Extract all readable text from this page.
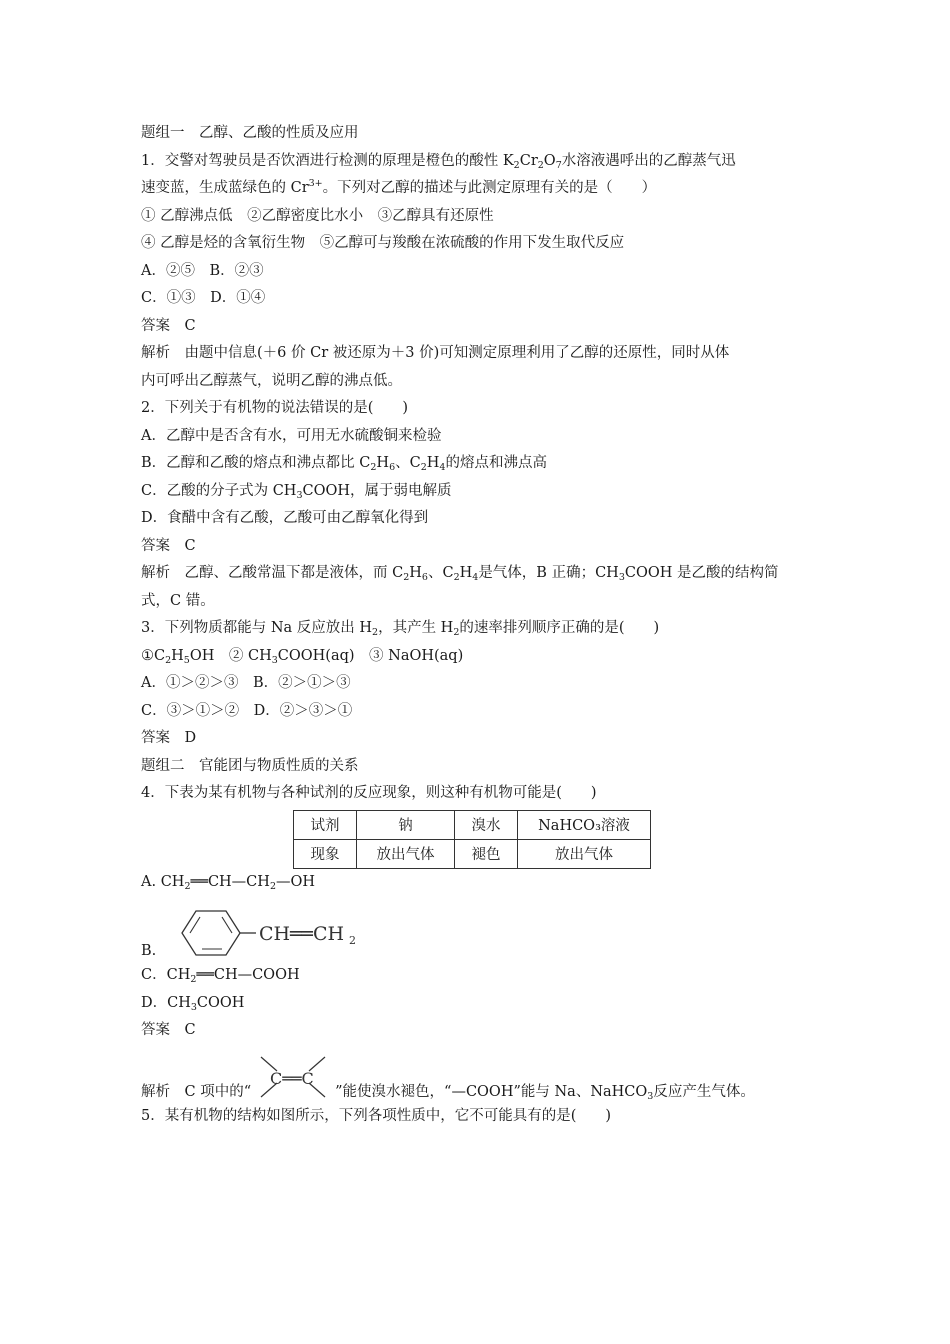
题组一　乙醇、乙酸的性质及应用
1．交警对驾驶员是否饮酒进行检测的原理是橙色的酸性 $K_2Cr_2O_7$水溶液遇呼出的乙醇蒸气迅
速变蓝，生成蓝绿色的 $Cr^{3+}$。下列对乙醇的描述与此测定原理有关的是（　　）
① 乙醇沸点低　②乙醇密度比水小　③乙醇具有还原性
④ 乙醇是烃的含氧衍生物　⑤乙醇可与羧酸在浓硫酸的作用下发生取代反应
A．②⑤　B．②③
C．①③　D．①④
答案　C
解析　由题中信息(＋6 价 Cr 被还原为＋3 价)可知测定原理利用了乙醇的还原性，同时从体
内可呼出乙醇蒸气，说明乙醇的沸点低。
2．下列关于有机物的说法错误的是(　　)
A．乙醇中是否含有水，可用无水硫酸铜来检验
B．乙醇和乙酸的熔点和沸点都比 $C_2H_6$、$C_2H_4$的熔点和沸点高
C．乙酸的分子式为 $CH_3COOH$，属于弱电解质
D．食醋中含有乙酸，乙酸可由乙醇氧化得到
答案　C
解析　乙醇、乙酸常温下都是液体，而 $C_2H_6$、$C_2H_4$是气体，B 正确；$CH_3COOH$ 是乙酸的结构简
式，C 错。
3．下列物质都能与 Na 反应放出 $H_2$，其产生 $H_2$的速率排列顺序正确的是(　　)
$①C_2H_5OH$　② $CH_3COOH(aq)$　③ NaOH(aq)
A．①＞②＞③　B．②＞①＞③
C．③＞①＞②　D．②＞③＞①
答案　D
题组二　官能团与物质性质的关系
4．下表为某有机物与各种试剂的反应现象，则这种有机物可能是(　　)
试剂	钠	溴水	NaHCO₃溶液
现象	放出气体	褪色	放出气体
A. $CH_2══CH—CH_2—OH$
B.
CH══CH 2
C．$CH_2══CH—COOH$
D．$CH_3COOH$
答案　C
解析　C 项中的“
C══C
”能使溴水褪色，“—COOH”能与 Na、NaHCO$_3$反应产生气体。
5．某有机物的结构如图所示，下列各项性质中，它不可能具有的是(　　)
